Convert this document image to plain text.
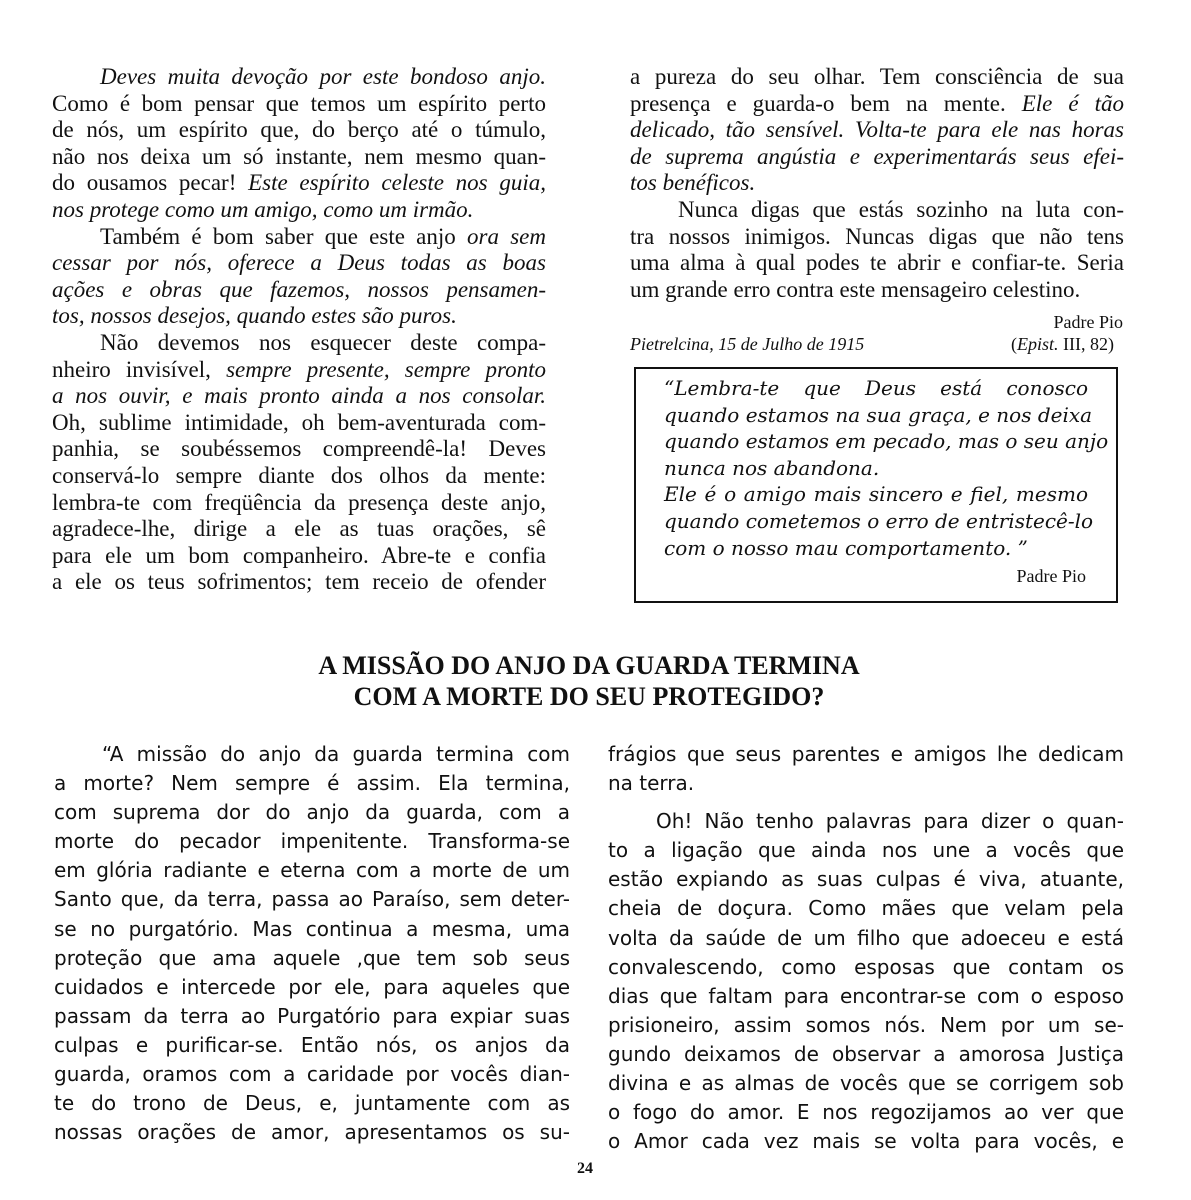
Deves muita devoção por este bondoso anjo.
Como é bom pensar que temos um espírito perto
de nós, um espírito que, do berço até o túmulo,
não nos deixa um só instante, nem mesmo quan-
do ousamos pecar! Este espírito celeste nos guia,
nos protege como um amigo, como um irmão.
Também é bom saber que este anjo ora sem
cessar por nós, oferece a Deus todas as boas
ações e obras que fazemos, nossos pensamen-
tos, nossos desejos, quando estes são puros.
Não devemos nos esquecer deste compa-
nheiro invisível, sempre presente, sempre pronto
a nos ouvir, e mais pronto ainda a nos consolar.
Oh, sublime intimidade, oh bem-aventurada com-
panhia, se soubéssemos compreendê-la! Deves
conservá-lo sempre diante dos olhos da mente:
lembra-te com freqüência da presença deste anjo,
agradece-lhe, dirige a ele as tuas orações, sê
para ele um bom companheiro. Abre-te e confia
a ele os teus sofrimentos; tem receio de ofender
a pureza do seu olhar. Tem consciência de sua
presença e guarda-o bem na mente. Ele é tão
delicado, tão sensível. Volta-te para ele nas horas
de suprema angústia e experimentarás seus efei-
tos benéficos.
Nunca digas que estás sozinho na luta con-
tra nossos inimigos. Nuncas digas que não tens
uma alma à qual podes te abrir e confiar-te. Seria
um grande erro contra este mensageiro celestino.
Padre Pio
Pietrelcina, 15 de Julho de 1915	(Epist. III, 82)
“Lembra-te que Deus está conosco
quando estamos na sua graça, e nos deixa
quando estamos em pecado, mas o seu anjo
nunca nos abandona.
Ele é o amigo mais sincero e fiel, mesmo
quando cometemos o erro de entristecê-lo
com o nosso mau comportamento. ”
Padre Pio
A MISSÃO DO ANJO DA GUARDA TERMINA
COM A MORTE DO SEU PROTEGIDO?
“A missão do anjo da guarda termina com
a morte? Nem sempre é assim. Ela termina,
com suprema dor do anjo da guarda, com a
morte do pecador impenitente. Transforma-se
em glória radiante e eterna com a morte de um
Santo que, da terra, passa ao Paraíso, sem deter-
se no purgatório. Mas continua a mesma, uma
proteção que ama aquele ,que tem sob seus
cuidados e intercede por ele, para aqueles que
passam da terra ao Purgatório para expiar suas
culpas e purificar-se. Então nós, os anjos da
guarda, oramos com a caridade por vocês dian-
te do trono de Deus, e, juntamente com as
nossas orações de amor, apresentamos os su-
frágios que seus parentes e amigos lhe dedicam
na terra.
Oh! Não tenho palavras para dizer o quan-
to a ligação que ainda nos une a vocês que
estão expiando as suas culpas é viva, atuante,
cheia de doçura. Como mães que velam pela
volta da saúde de um filho que adoeceu e está
convalescendo, como esposas que contam os
dias que faltam para encontrar-se com o esposo
prisioneiro, assim somos nós. Nem por um se-
gundo deixamos de observar a amorosa Justiça
divina e as almas de vocês que se corrigem sob
o fogo do amor. E nos regozijamos ao ver que
o Amor cada vez mais se volta para vocês, e
24
